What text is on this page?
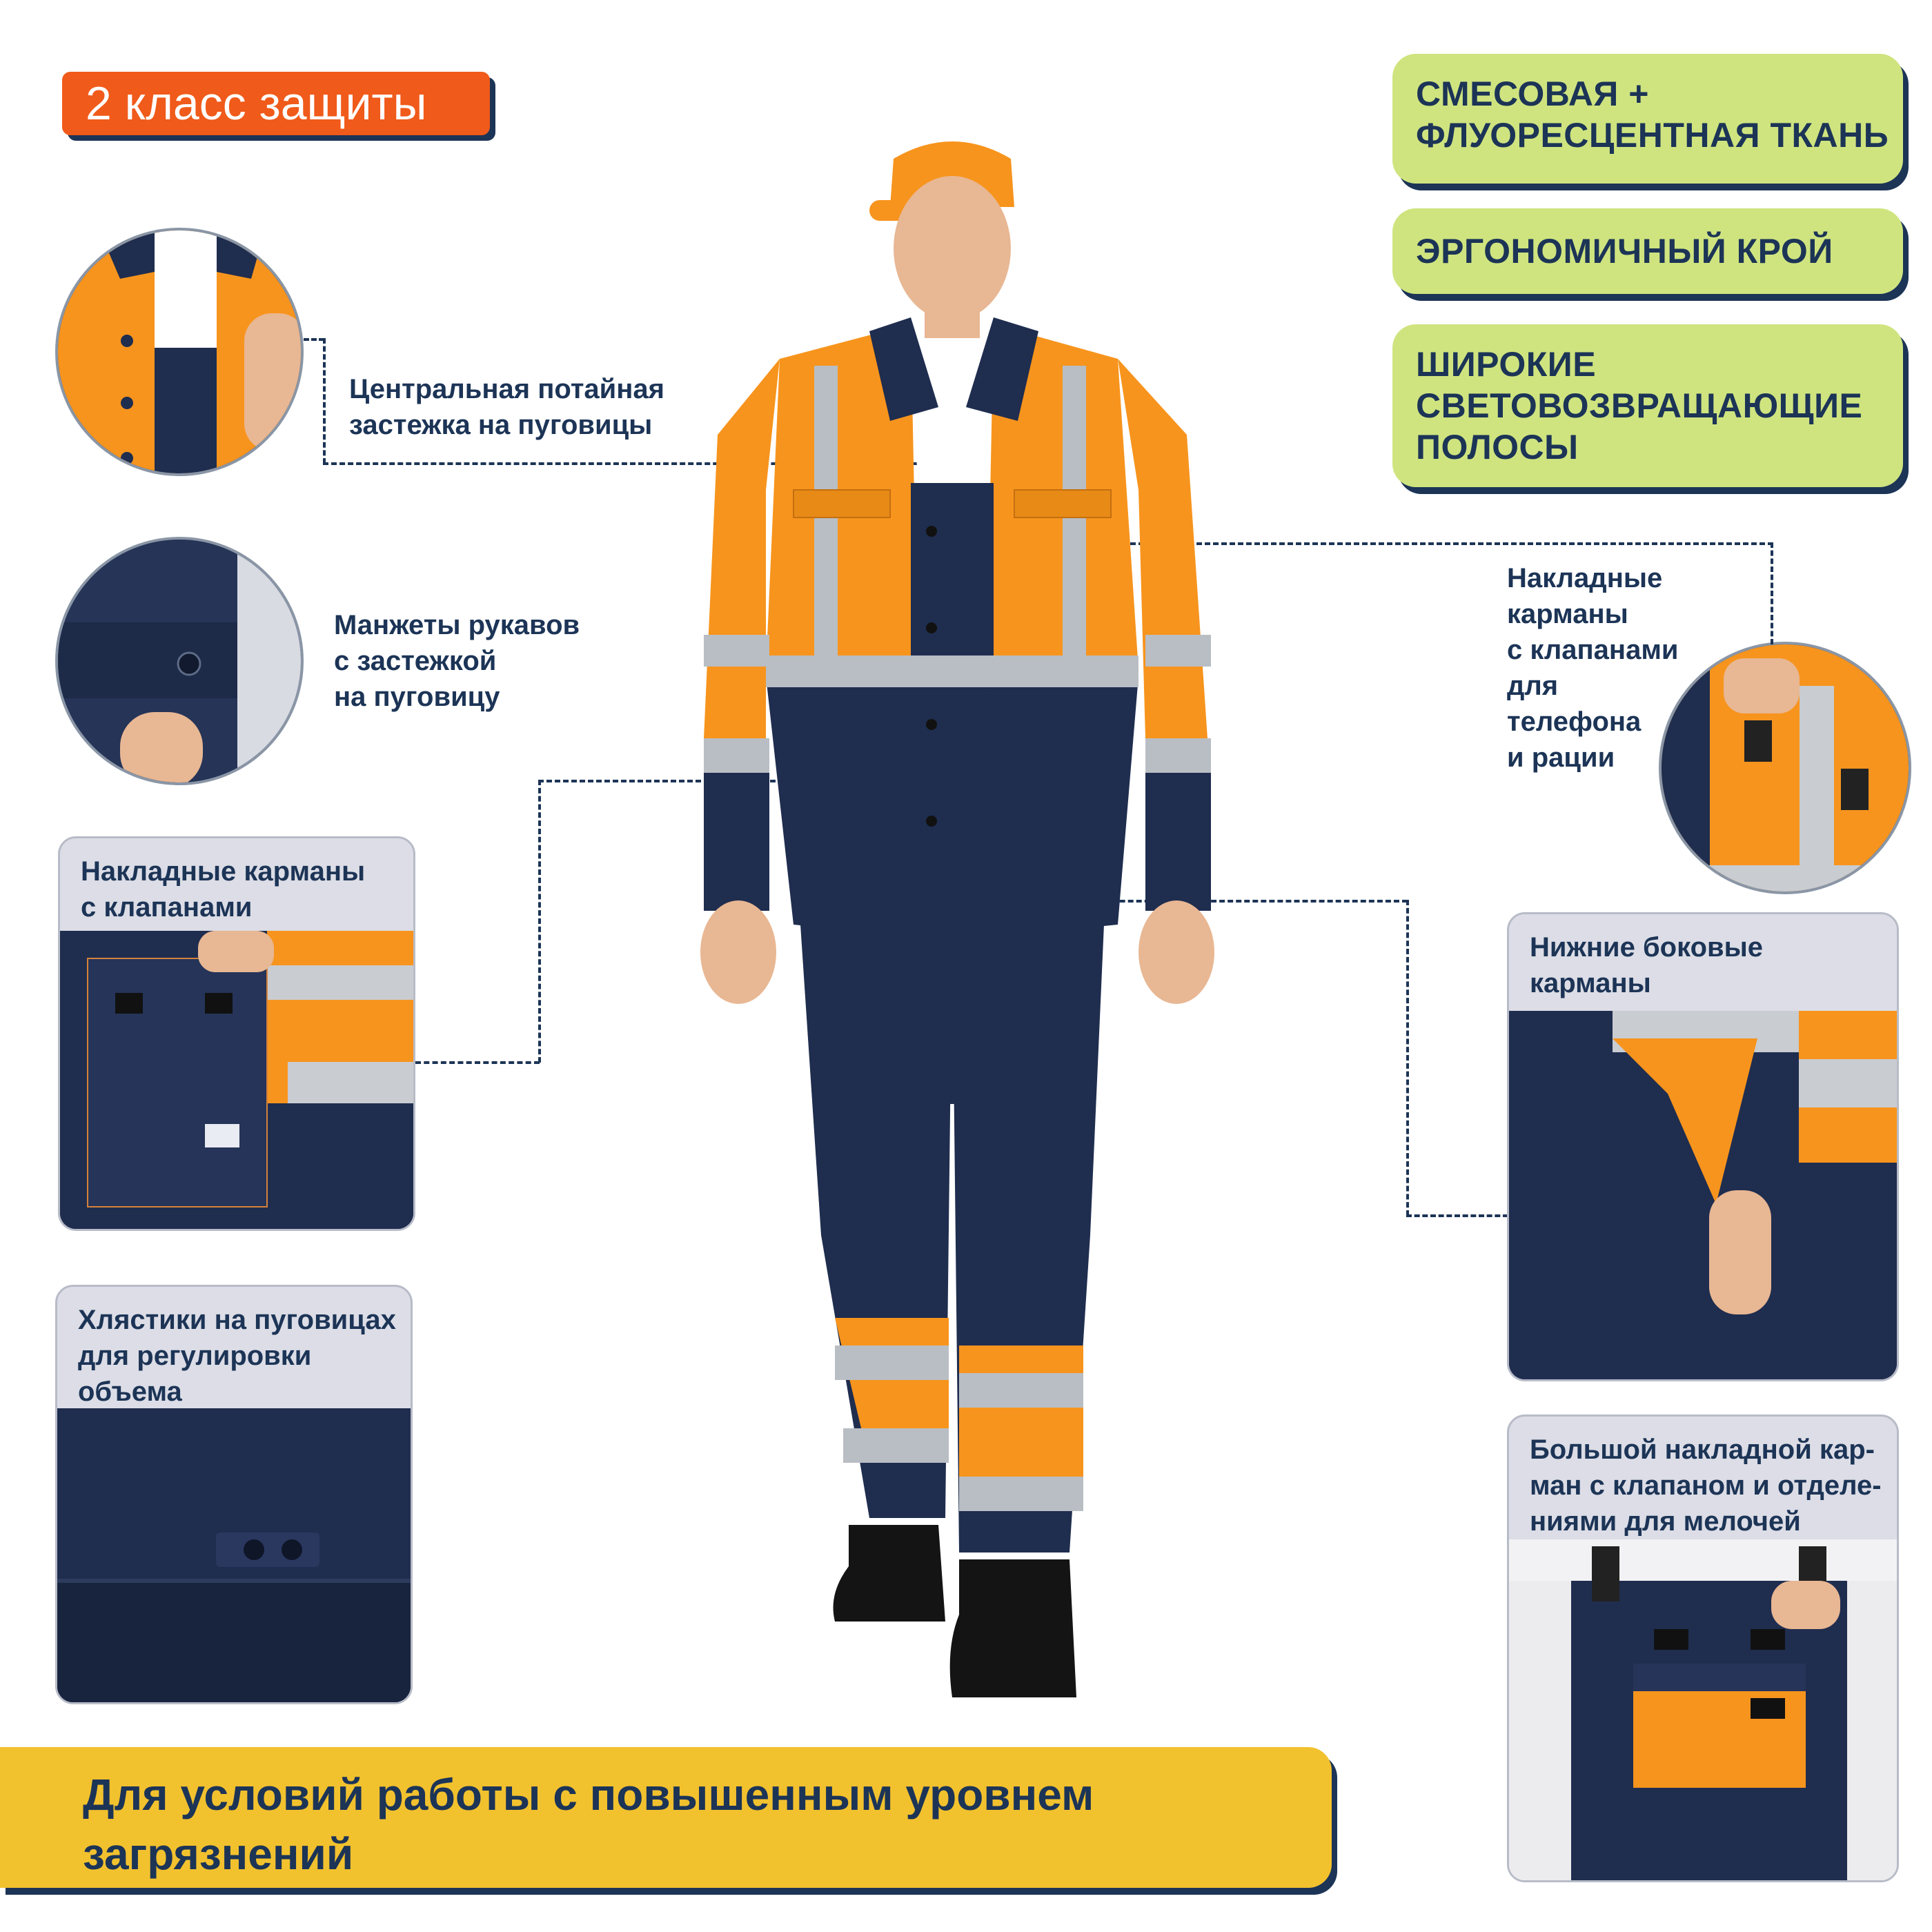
2 класс защиты	СМЕСОВАЯ +
ФЛУОРЕСЦЕНТНАЯ ТКАНЬ
ЭРГОНОМИЧНЫЙ КРОЙ
ШИРОКИЕ
СВЕТОВОЗВРАЩАЮЩИЕ
ПОЛОСЫ
Центральная потайная
застежка на пуговицы
Манжеты рукавов
с застежкой
на пуговицу
Накладные
карманы
с клапанами
для
телефона
и рации
Накладные карманы
с клапанами
Хлястики на пуговицах
для регулировки
объема
Нижние боковые
карманы
Большой накладной кар-
ман с клапаном и отделе-
ниями для мелочей
Для условий работы с повышенным уровнем
загрязнений
